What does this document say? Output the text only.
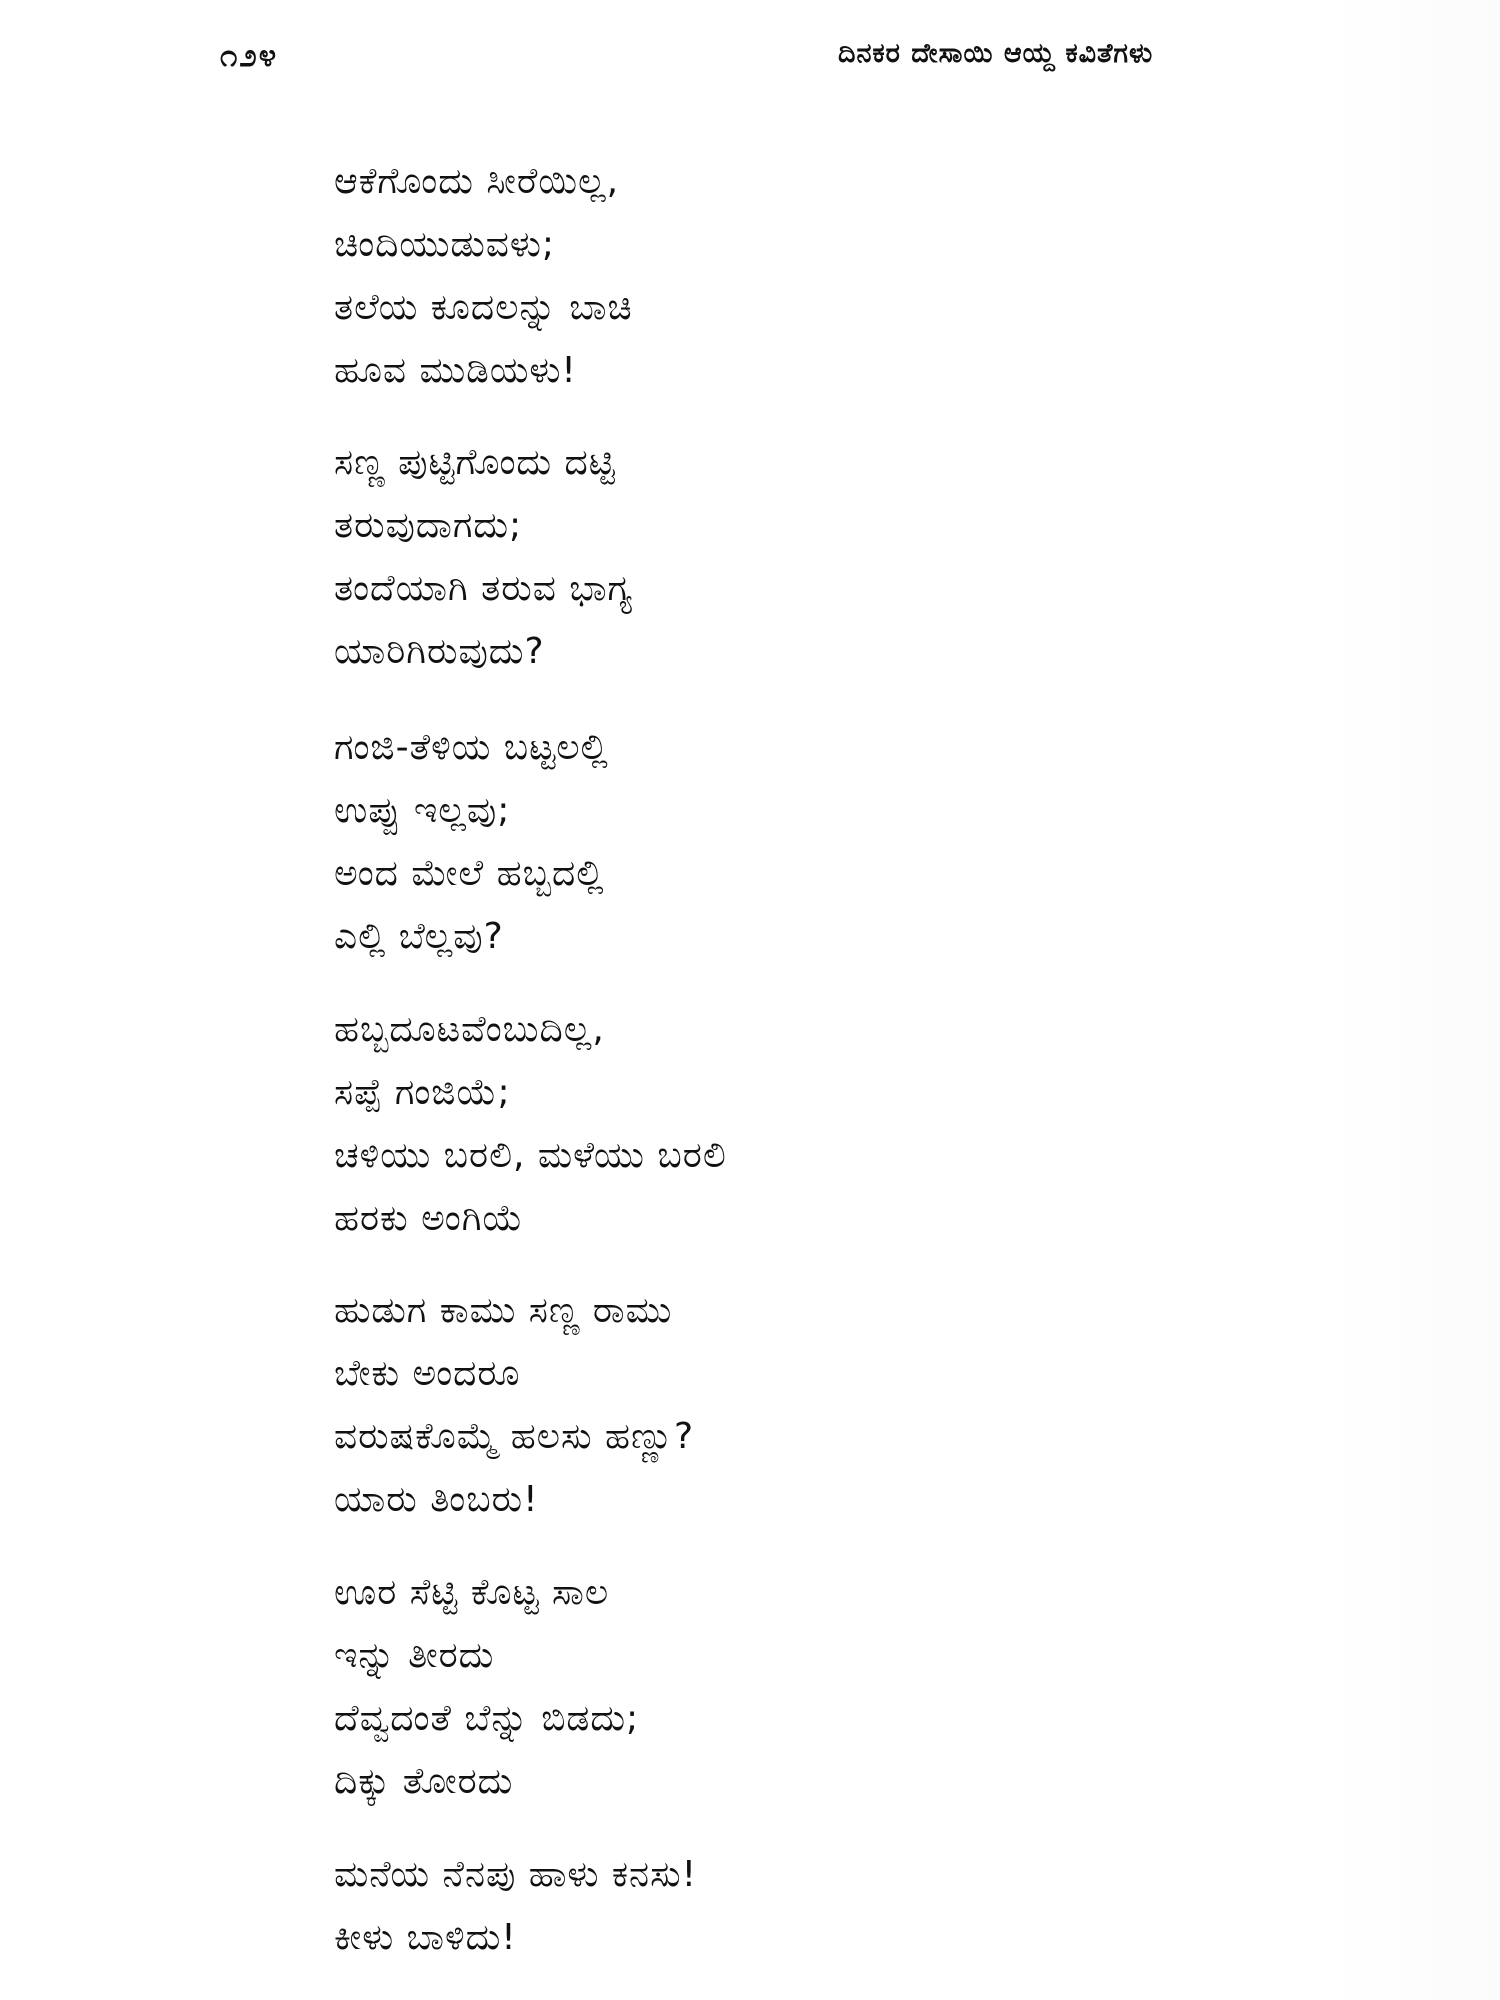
೧೨೪	ದಿನಕರ ದೇಸಾಯಿ ಆಯ್ದ ಕವಿತೆಗಳು
ಆಕೆಗೊಂದು ಸೀರೆಯಿಲ್ಲ,
ಚಿಂದಿಯುಡುವಳು;
ತಲೆಯ ಕೂದಲನ್ನು ಬಾಚಿ
ಹೂವ ಮುಡಿಯಳು!
ಸಣ್ಣ ಪುಟ್ಟಿಗೊಂದು ದಟ್ಟಿ
ತರುವುದಾಗದು;
ತಂದೆಯಾಗಿ ತರುವ ಭಾಗ್ಯ
ಯಾರಿಗಿರುವುದು?
ಗಂಜಿ-ತೆಳಿಯ ಬಟ್ಟಲಲ್ಲಿ
ಉಪ್ಪು ಇಲ್ಲವು;
ಅಂದ ಮೇಲೆ ಹಬ್ಬದಲ್ಲಿ
ಎಲ್ಲಿ ಬೆಲ್ಲವು?
ಹಬ್ಬದೂಟವೆಂಬುದಿಲ್ಲ,
ಸಪ್ಪೆ ಗಂಜಿಯೆ;
ಚಳಿಯು ಬರಲಿ, ಮಳೆಯು ಬರಲಿ
ಹರಕು ಅಂಗಿಯೆ
ಹುಡುಗ ಕಾಮು ಸಣ್ಣ ರಾಮು
ಬೇಕು ಅಂದರೂ
ವರುಷಕೊಮ್ಮೆ ಹಲಸು ಹಣ್ಣು?
ಯಾರು ತಿಂಬರು!
ಊರ ಸೆಟ್ಟಿ ಕೊಟ್ಟ ಸಾಲ
ಇನ್ನು ತೀರದು
ದೆವ್ವದಂತೆ ಬೆನ್ನು ಬಿಡದು;
ದಿಕ್ಕು ತೋರದು
ಮನೆಯ ನೆನಪು ಹಾಳು ಕನಸು!
ಕೀಳು ಬಾಳಿದು!
